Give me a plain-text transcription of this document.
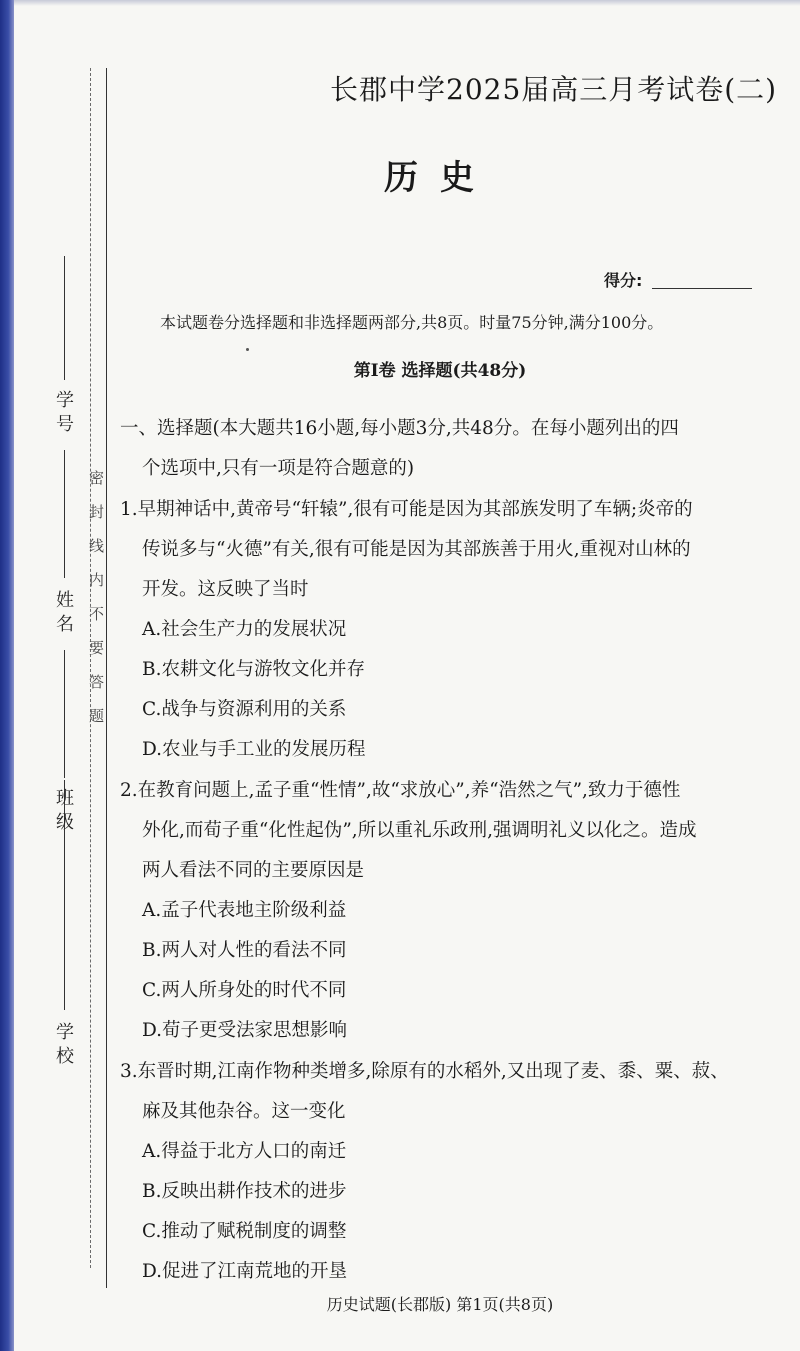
学校
班级
姓名
学号
密封线内不要答题
长郡中学2025届高三月考试卷(二)
历史
得分:
本试题卷分选择题和非选择题两部分,共8页。时量75分钟,满分100分。
第Ⅰ卷 选择题(共48分)
一、选择题(本大题共16小题,每小题3分,共48分。在每小题列出的四
个选项中,只有一项是符合题意的)
1.早期神话中,黄帝号“轩辕”,很有可能是因为其部族发明了车辆;炎帝的
传说多与“火德”有关,很有可能是因为其部族善于用火,重视对山林的
开发。这反映了当时
A.社会生产力的发展状况
B.农耕文化与游牧文化并存
C.战争与资源利用的关系
D.农业与手工业的发展历程
2.在教育问题上,孟子重“性情”,故“求放心”,养“浩然之气”,致力于德性
外化,而荀子重“化性起伪”,所以重礼乐政刑,强调明礼义以化之。造成
两人看法不同的主要原因是
A.孟子代表地主阶级利益
B.两人对人性的看法不同
C.两人所身处的时代不同
D.荀子更受法家思想影响
3.东晋时期,江南作物种类增多,除原有的水稻外,又出现了麦、黍、粟、菽、
麻及其他杂谷。这一变化
A.得益于北方人口的南迁
B.反映出耕作技术的进步
C.推动了赋税制度的调整
D.促进了江南荒地的开垦
历史试题(长郡版) 第1页(共8页)
